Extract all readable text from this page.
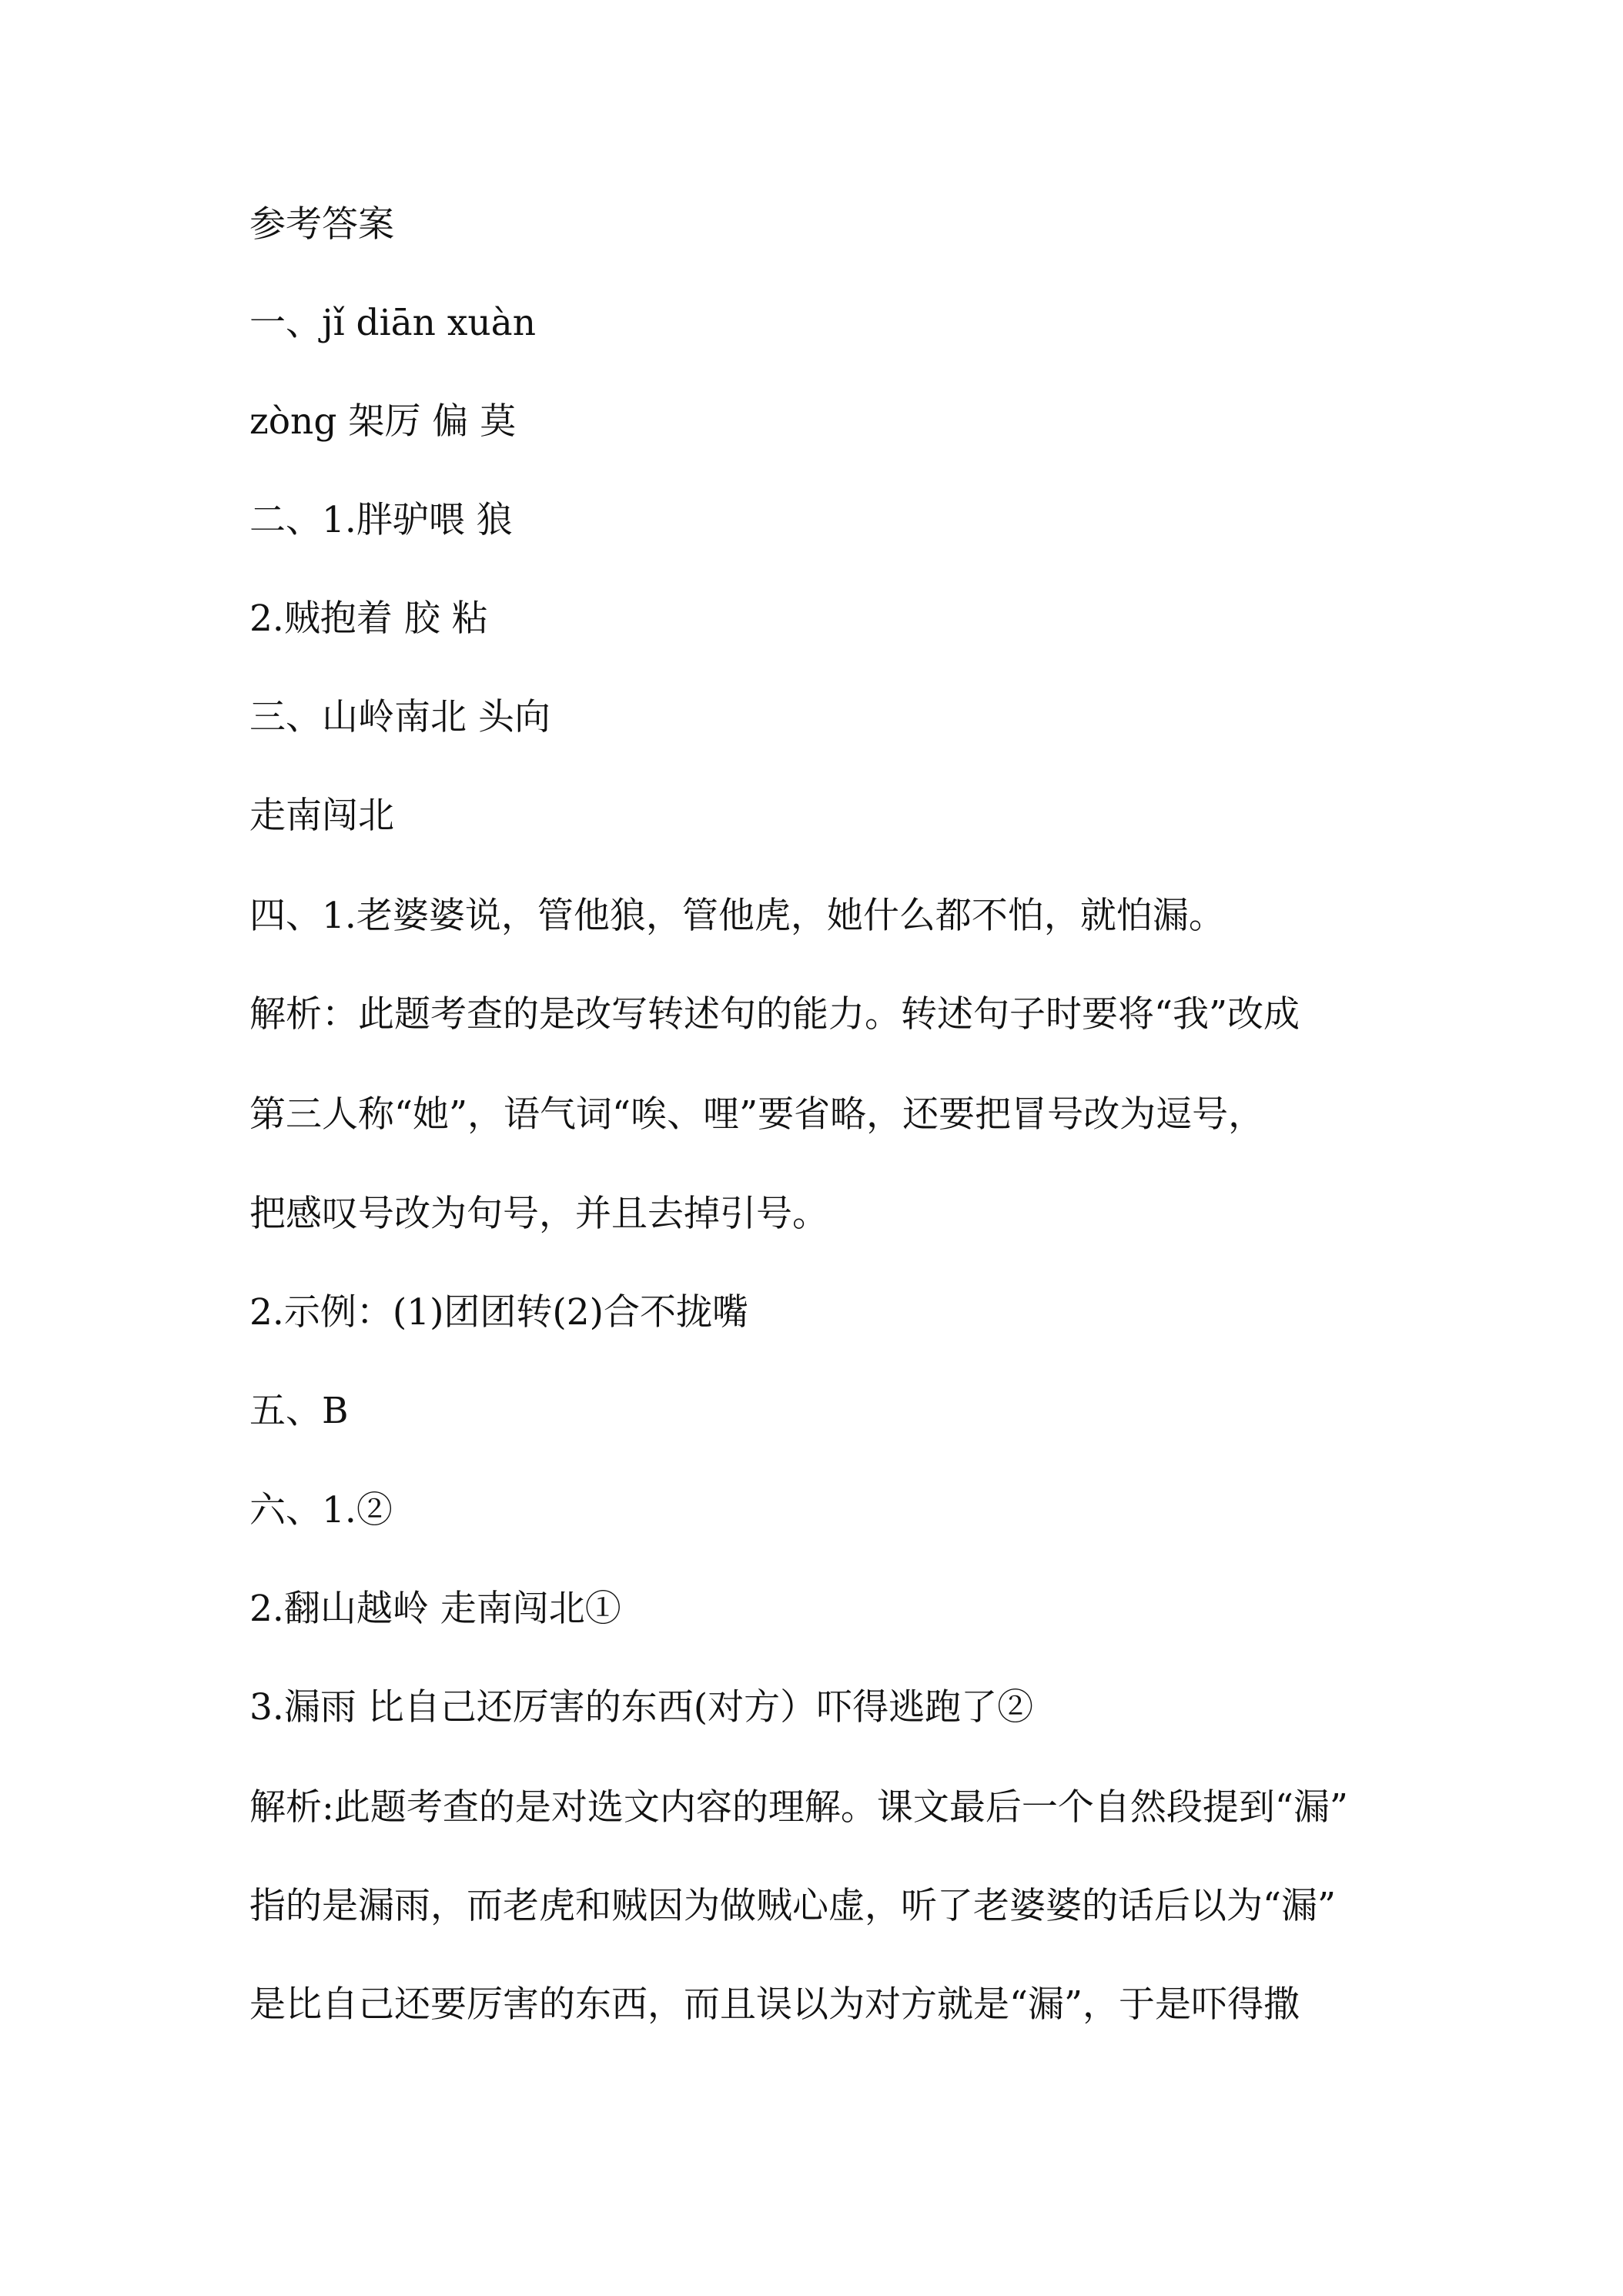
参考答案
一、jǐ diān xuàn
zòng 架厉 偏 莫
二、1.胖驴喂 狼
2.贼抱着 胶 粘
三、山岭南北 头向
走南闯北
四、1.老婆婆说，管他狼，管他虎，她什么都不怕，就怕漏。
解析：此题考查的是改写转述句的能力。转述句子时要将“我”改成
第三人称“她”，语气词“唉、哩”要省略，还要把冒号改为逗号，
把感叹号改为句号，并且去掉引号。
2.示例：(1)团团转(2)合不拢嘴
五、B
六、1.②
2.翻山越岭 走南闯北①
3.漏雨 比自己还厉害的东西(对方）吓得逃跑了②
解析:此题考查的是对选文内容的理解。课文最后一个自然段提到“漏”
指的是漏雨，而老虎和贼因为做贼心虚，听了老婆婆的话后以为“漏”
是比自己还要厉害的东西，而且误以为对方就是“漏”，于是吓得撒
